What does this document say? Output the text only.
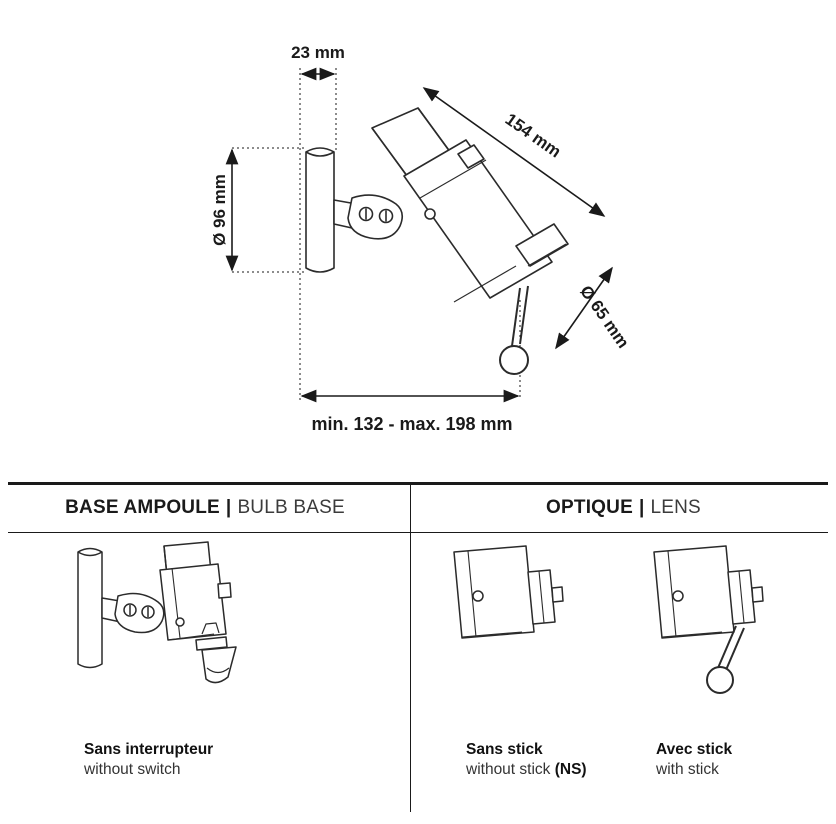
23 mm
154 mm
Ø 96 mm
Ø 65 mm
min. 132 - max. 198 mm
BASE AMPOULE | BULB BASE	OPTIQUE | LENS
Sans interrupteur
without switch
Sans stick
without stick (NS)
Avec stick
with stick
